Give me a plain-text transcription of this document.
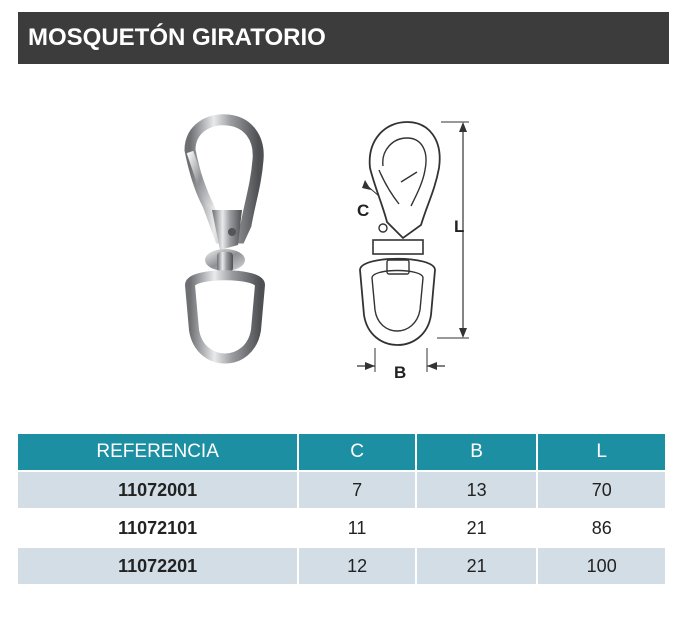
MOSQUETÓN GIRATORIO
L
B
C
REFERENCIA	C	B	L
11072001	7	13	70
11072101	11	21	86
11072201	12	21	100
